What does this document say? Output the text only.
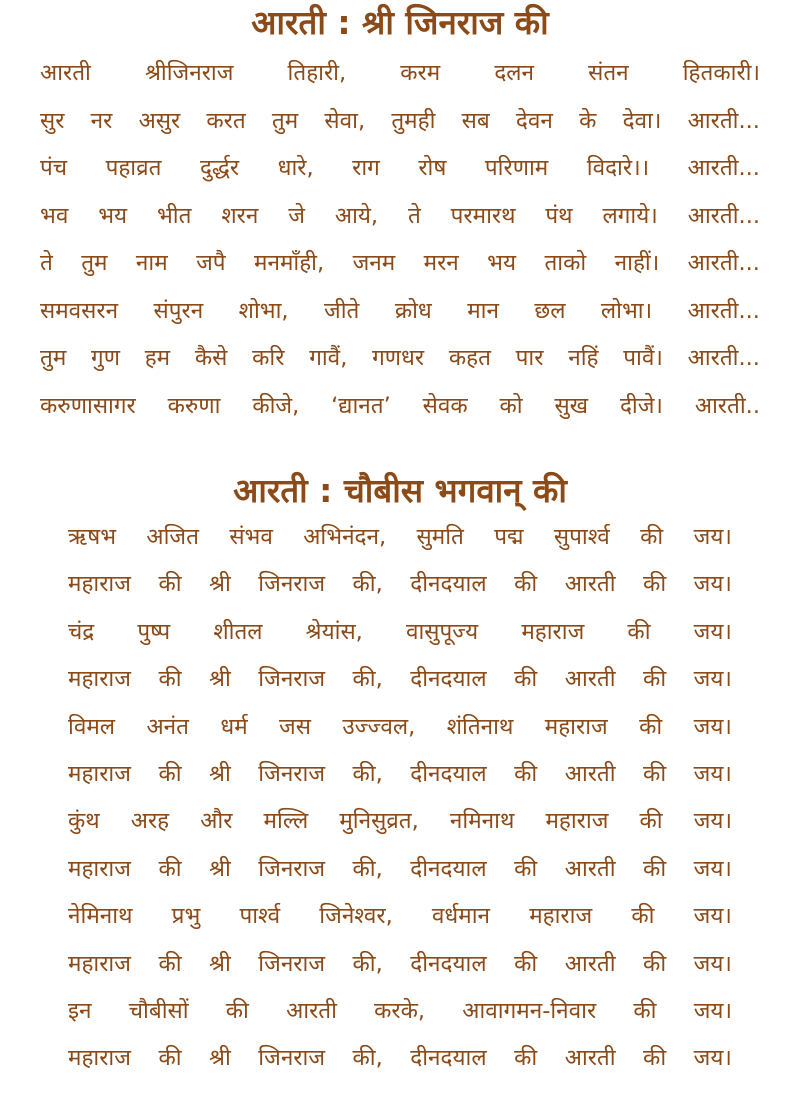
आरती : श्री जिनराज की
आरती श्रीजिनराज तिहारी, करम दलन संतन हितकारी।
सुर नर असुर करत तुम सेवा, तुमही सब देवन के देवा। आरती...
पंच पहाव्रत दुर्द्धर धारे, राग रोष परिणाम विदारे।। आरती...
भव भय भीत शरन जे आये, ते परमारथ पंथ लगाये। आरती...
ते तुम नाम जपै मनमाँही, जनम मरन भय ताको नाहीं। आरती...
समवसरन संपुरन शोभा, जीते क्रोध मान छल लोभा। आरती...
तुम गुण हम कैसे करि गावैं, गणधर कहत पार नहिं पावैं। आरती...
करुणासागर करुणा कीजे, ‘द्यानत’ सेवक को सुख दीजे। आरती..
आरती : चौबीस भगवान् की
ऋषभ अजित संभव अभिनंदन, सुमति पद्म सुपार्श्व की जय।
महाराज की श्री जिनराज की, दीनदयाल की आरती की जय।
चंद्र पुष्प शीतल श्रेयांस, वासुपूज्य महाराज की जय।
महाराज की श्री जिनराज की, दीनदयाल की आरती की जय।
विमल अनंत धर्म जस उज्ज्वल, शंतिनाथ महाराज की जय।
महाराज की श्री जिनराज की, दीनदयाल की आरती की जय।
कुंथ अरह और मल्लि मुनिसुव्रत, नमिनाथ महाराज की जय।
महाराज की श्री जिनराज की, दीनदयाल की आरती की जय।
नेमिनाथ प्रभु पार्श्व जिनेश्वर, वर्धमान महाराज की जय।
महाराज की श्री जिनराज की, दीनदयाल की आरती की जय।
इन चौबीसों की आरती करके, आवागमन-निवार की जय।
महाराज की श्री जिनराज की, दीनदयाल की आरती की जय।
